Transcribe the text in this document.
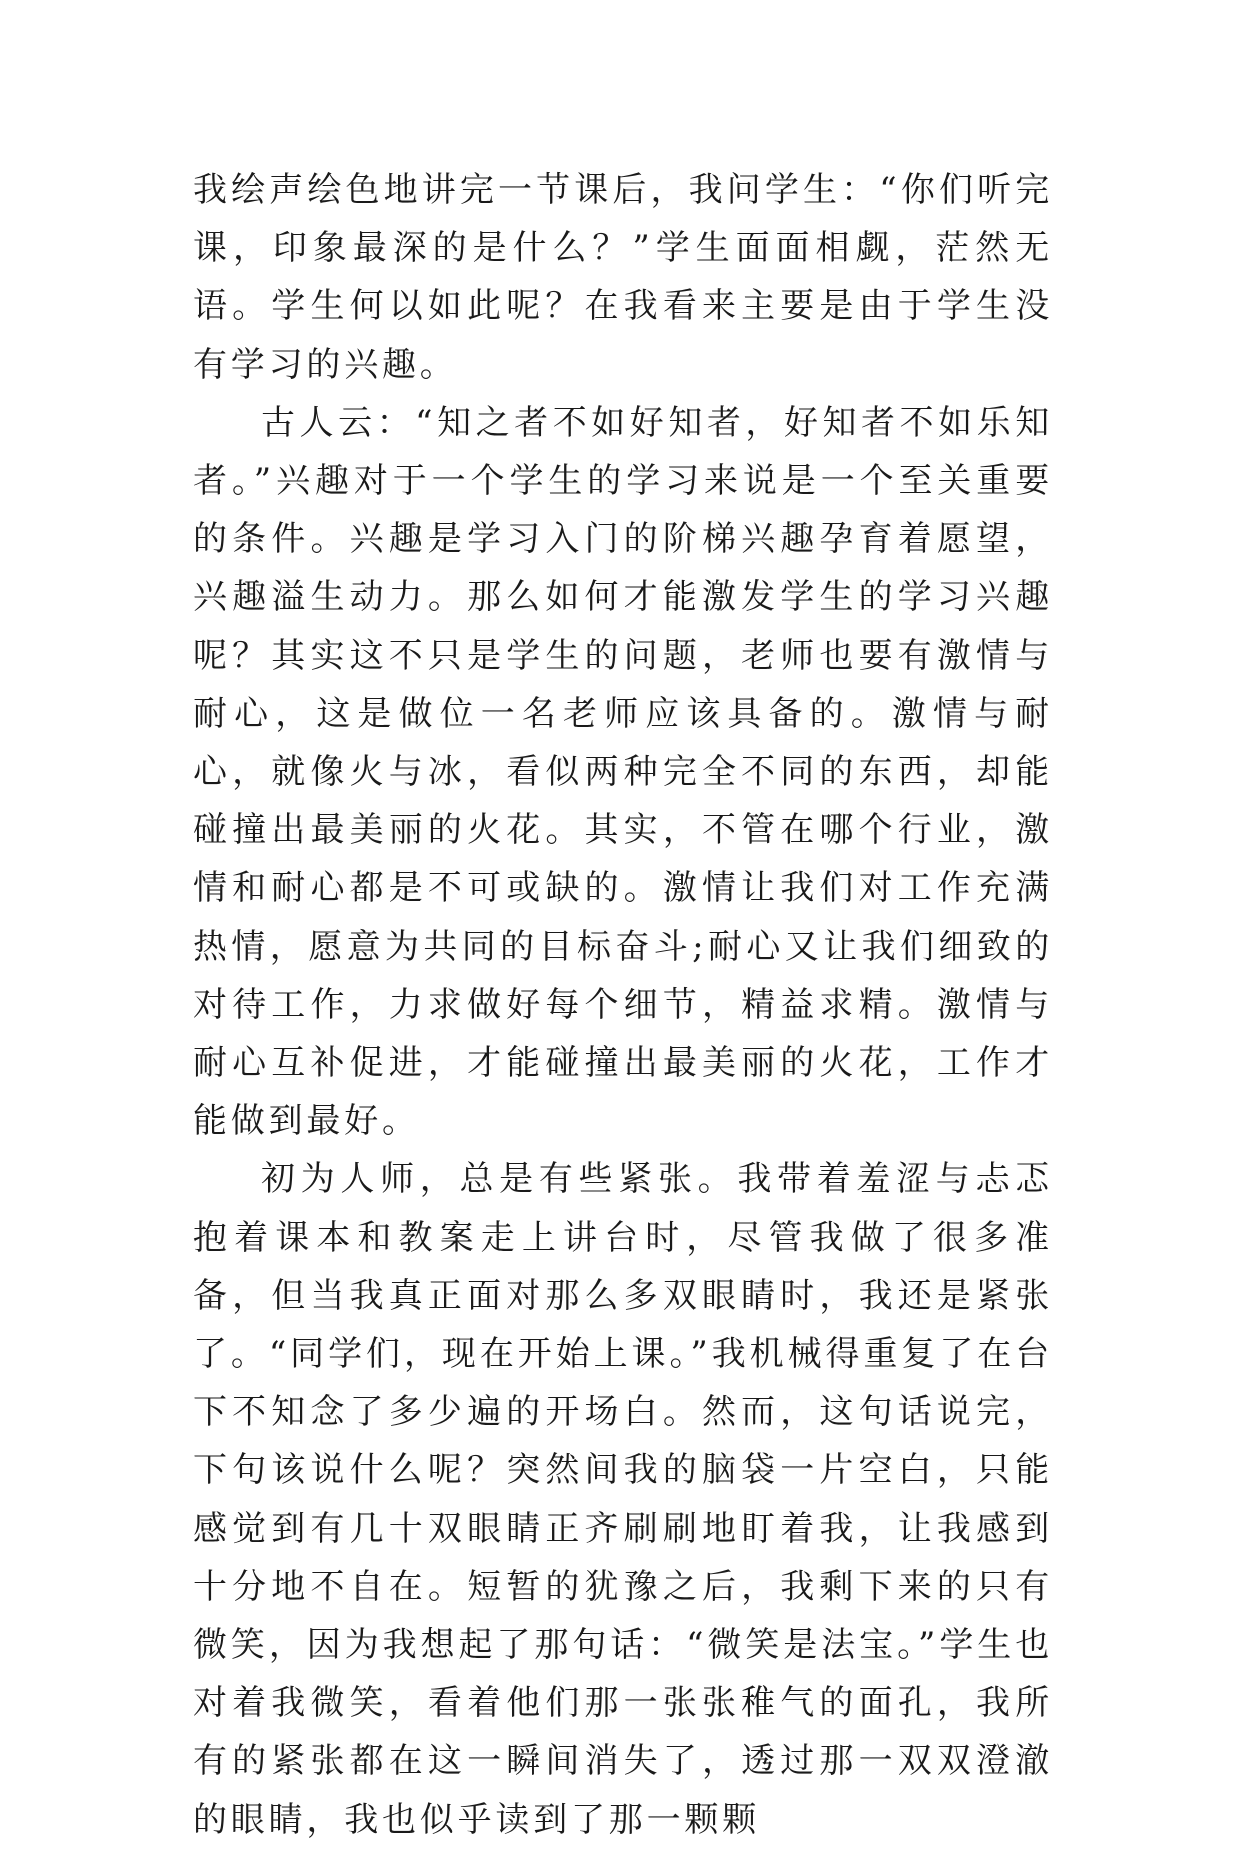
我绘声绘色地讲完一节课后，我问学生：“你们听完课，印象最深的是什么？”学生面面相觑，茫然无语。学生何以如此呢？在我看来主要是由于学生没有学习的兴趣。

古人云：“知之者不如好知者，好知者不如乐知者。”兴趣对于一个学生的学习来说是一个至关重要的条件。兴趣是学习入门的阶梯兴趣孕育着愿望，兴趣溢生动力。那么如何才能激发学生的学习兴趣呢？其实这不只是学生的问题，老师也要有激情与耐心，这是做位一名老师应该具备的。激情与耐心，就像火与冰，看似两种完全不同的东西，却能碰撞出最美丽的火花。其实，不管在哪个行业，激情和耐心都是不可或缺的。激情让我们对工作充满热情，愿意为共同的目标奋斗;耐心又让我们细致的对待工作，力求做好每个细节，精益求精。激情与耐心互补促进，才能碰撞出最美丽的火花，工作才能做到最好。

初为人师，总是有些紧张。我带着羞涩与忐忑抱着课本和教案走上讲台时，尽管我做了很多准备，但当我真正面对那么多双眼睛时，我还是紧张了。“同学们，现在开始上课。”我机械得重复了在台下不知念了多少遍的开场白。然而，这句话说完，下句该说什么呢？突然间我的脑袋一片空白，只能感觉到有几十双眼睛正齐刷刷地盯着我，让我感到十分地不自在。短暂的犹豫之后，我剩下来的只有微笑，因为我想起了那句话：“微笑是法宝。”学生也对着我微笑，看着他们那一张张稚气的面孔，我所有的紧张都在这一瞬间消失了，透过那一双双澄澈的眼睛，我也似乎读到了那一颗颗
